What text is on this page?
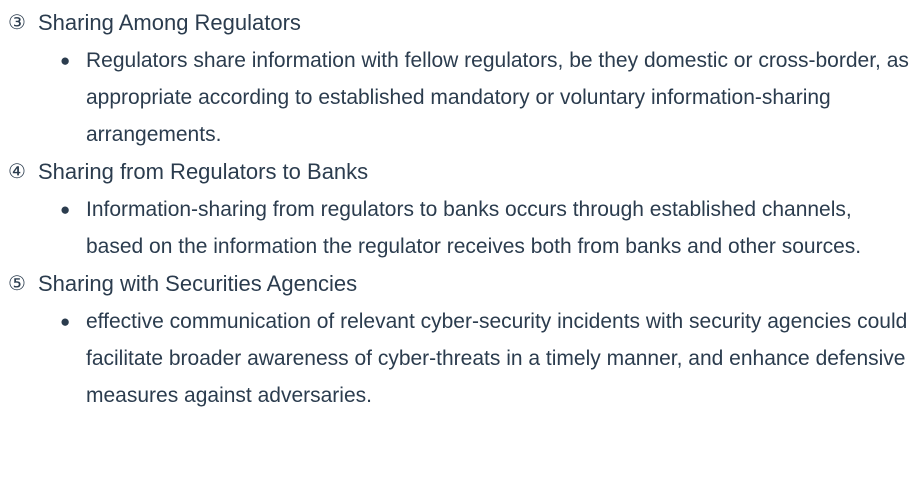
③ Sharing Among Regulators
● Regulators share information with fellow regulators, be they domestic or cross-border, as appropriate according to established mandatory or voluntary information-sharing arrangements.
④ Sharing from Regulators to Banks
● Information-sharing from regulators to banks occurs through established channels, based on the information the regulator receives both from banks and other sources.
⑤ Sharing with Securities Agencies
● effective communication of relevant cyber-security incidents with security agencies could facilitate broader awareness of cyber-threats in a timely manner, and enhance defensive measures against adversaries.
